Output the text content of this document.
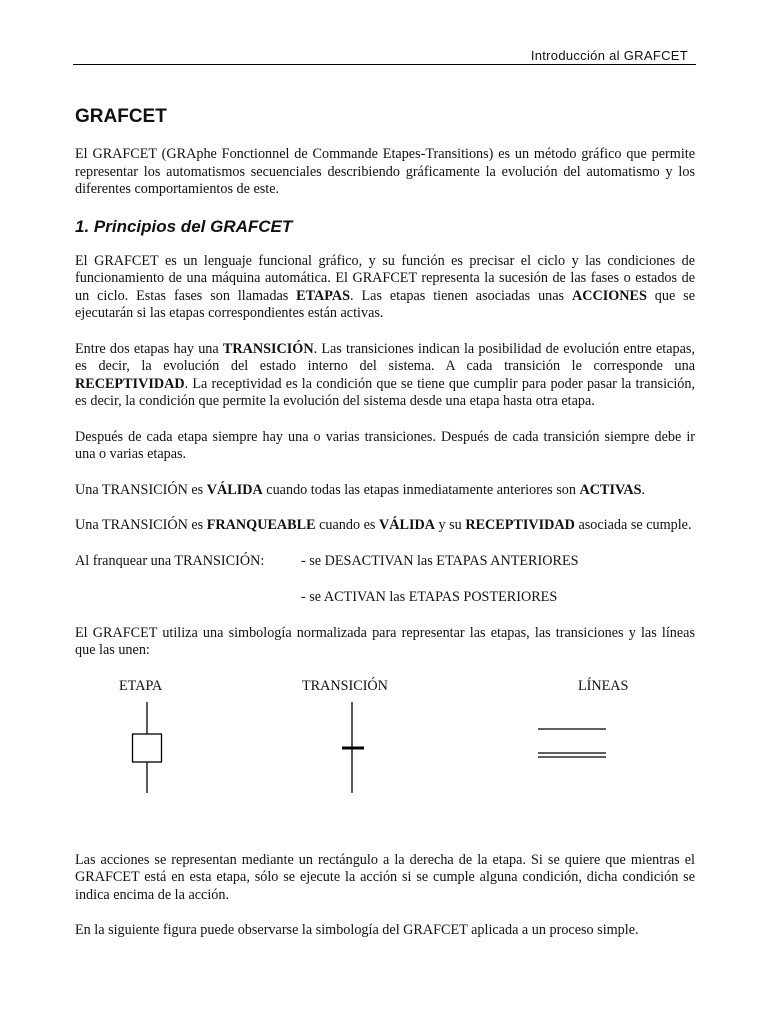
Introducción al GRAFCET
GRAFCET

El GRAFCET (GRAphe Fonctionnel de Commande Etapes-Transitions) es un método gráfico que permite representar los automatismos secuenciales describiendo gráficamente la evolución del automatismo y los diferentes comportamientos de este.

1. Principios del GRAFCET

El GRAFCET es un lenguaje funcional gráfico, y su función es precisar el ciclo y las condiciones de funcionamiento de una máquina automática. El GRAFCET representa la sucesión de las fases o estados de un ciclo. Estas fases son llamadas ETAPAS. Las etapas tienen asociadas unas ACCIONES que se ejecutarán si las etapas correspondientes están activas.

Entre dos etapas hay una TRANSICIÓN. Las transiciones indican la posibilidad de evolución entre etapas, es decir, la evolución del estado interno del sistema. A cada transición le corresponde una RECEPTIVIDAD. La receptividad es la condición que se tiene que cumplir para poder pasar la transición, es decir, la condición que permite la evolución del sistema desde una etapa hasta otra etapa.

Después de cada etapa siempre hay una o varias transiciones. Después de cada transición siempre debe ir una o varias etapas.

Una TRANSICIÓN es VÁLIDA cuando todas las etapas inmediatamente anteriores son ACTIVAS.

Una TRANSICIÓN es FRANQUEABLE cuando es VÁLIDA y su RECEPTIVIDAD asociada se cumple.

Al franquear una TRANSICIÓN:	- se DESACTIVAN las ETAPAS ANTERIORES
- se ACTIVAN las ETAPAS POSTERIORES

El GRAFCET utiliza una simbología normalizada para representar las etapas, las transiciones y las líneas que las unen:

ETAPA	TRANSICIÓN	LÍNEAS

Las acciones se representan mediante un rectángulo a la derecha de la etapa. Si se quiere que mientras el GRAFCET está en esta etapa, sólo se ejecute la acción si se cumple alguna condición, dicha condición se indica encima de la acción.

En la siguiente figura puede observarse la simbología del GRAFCET aplicada a un proceso simple.
